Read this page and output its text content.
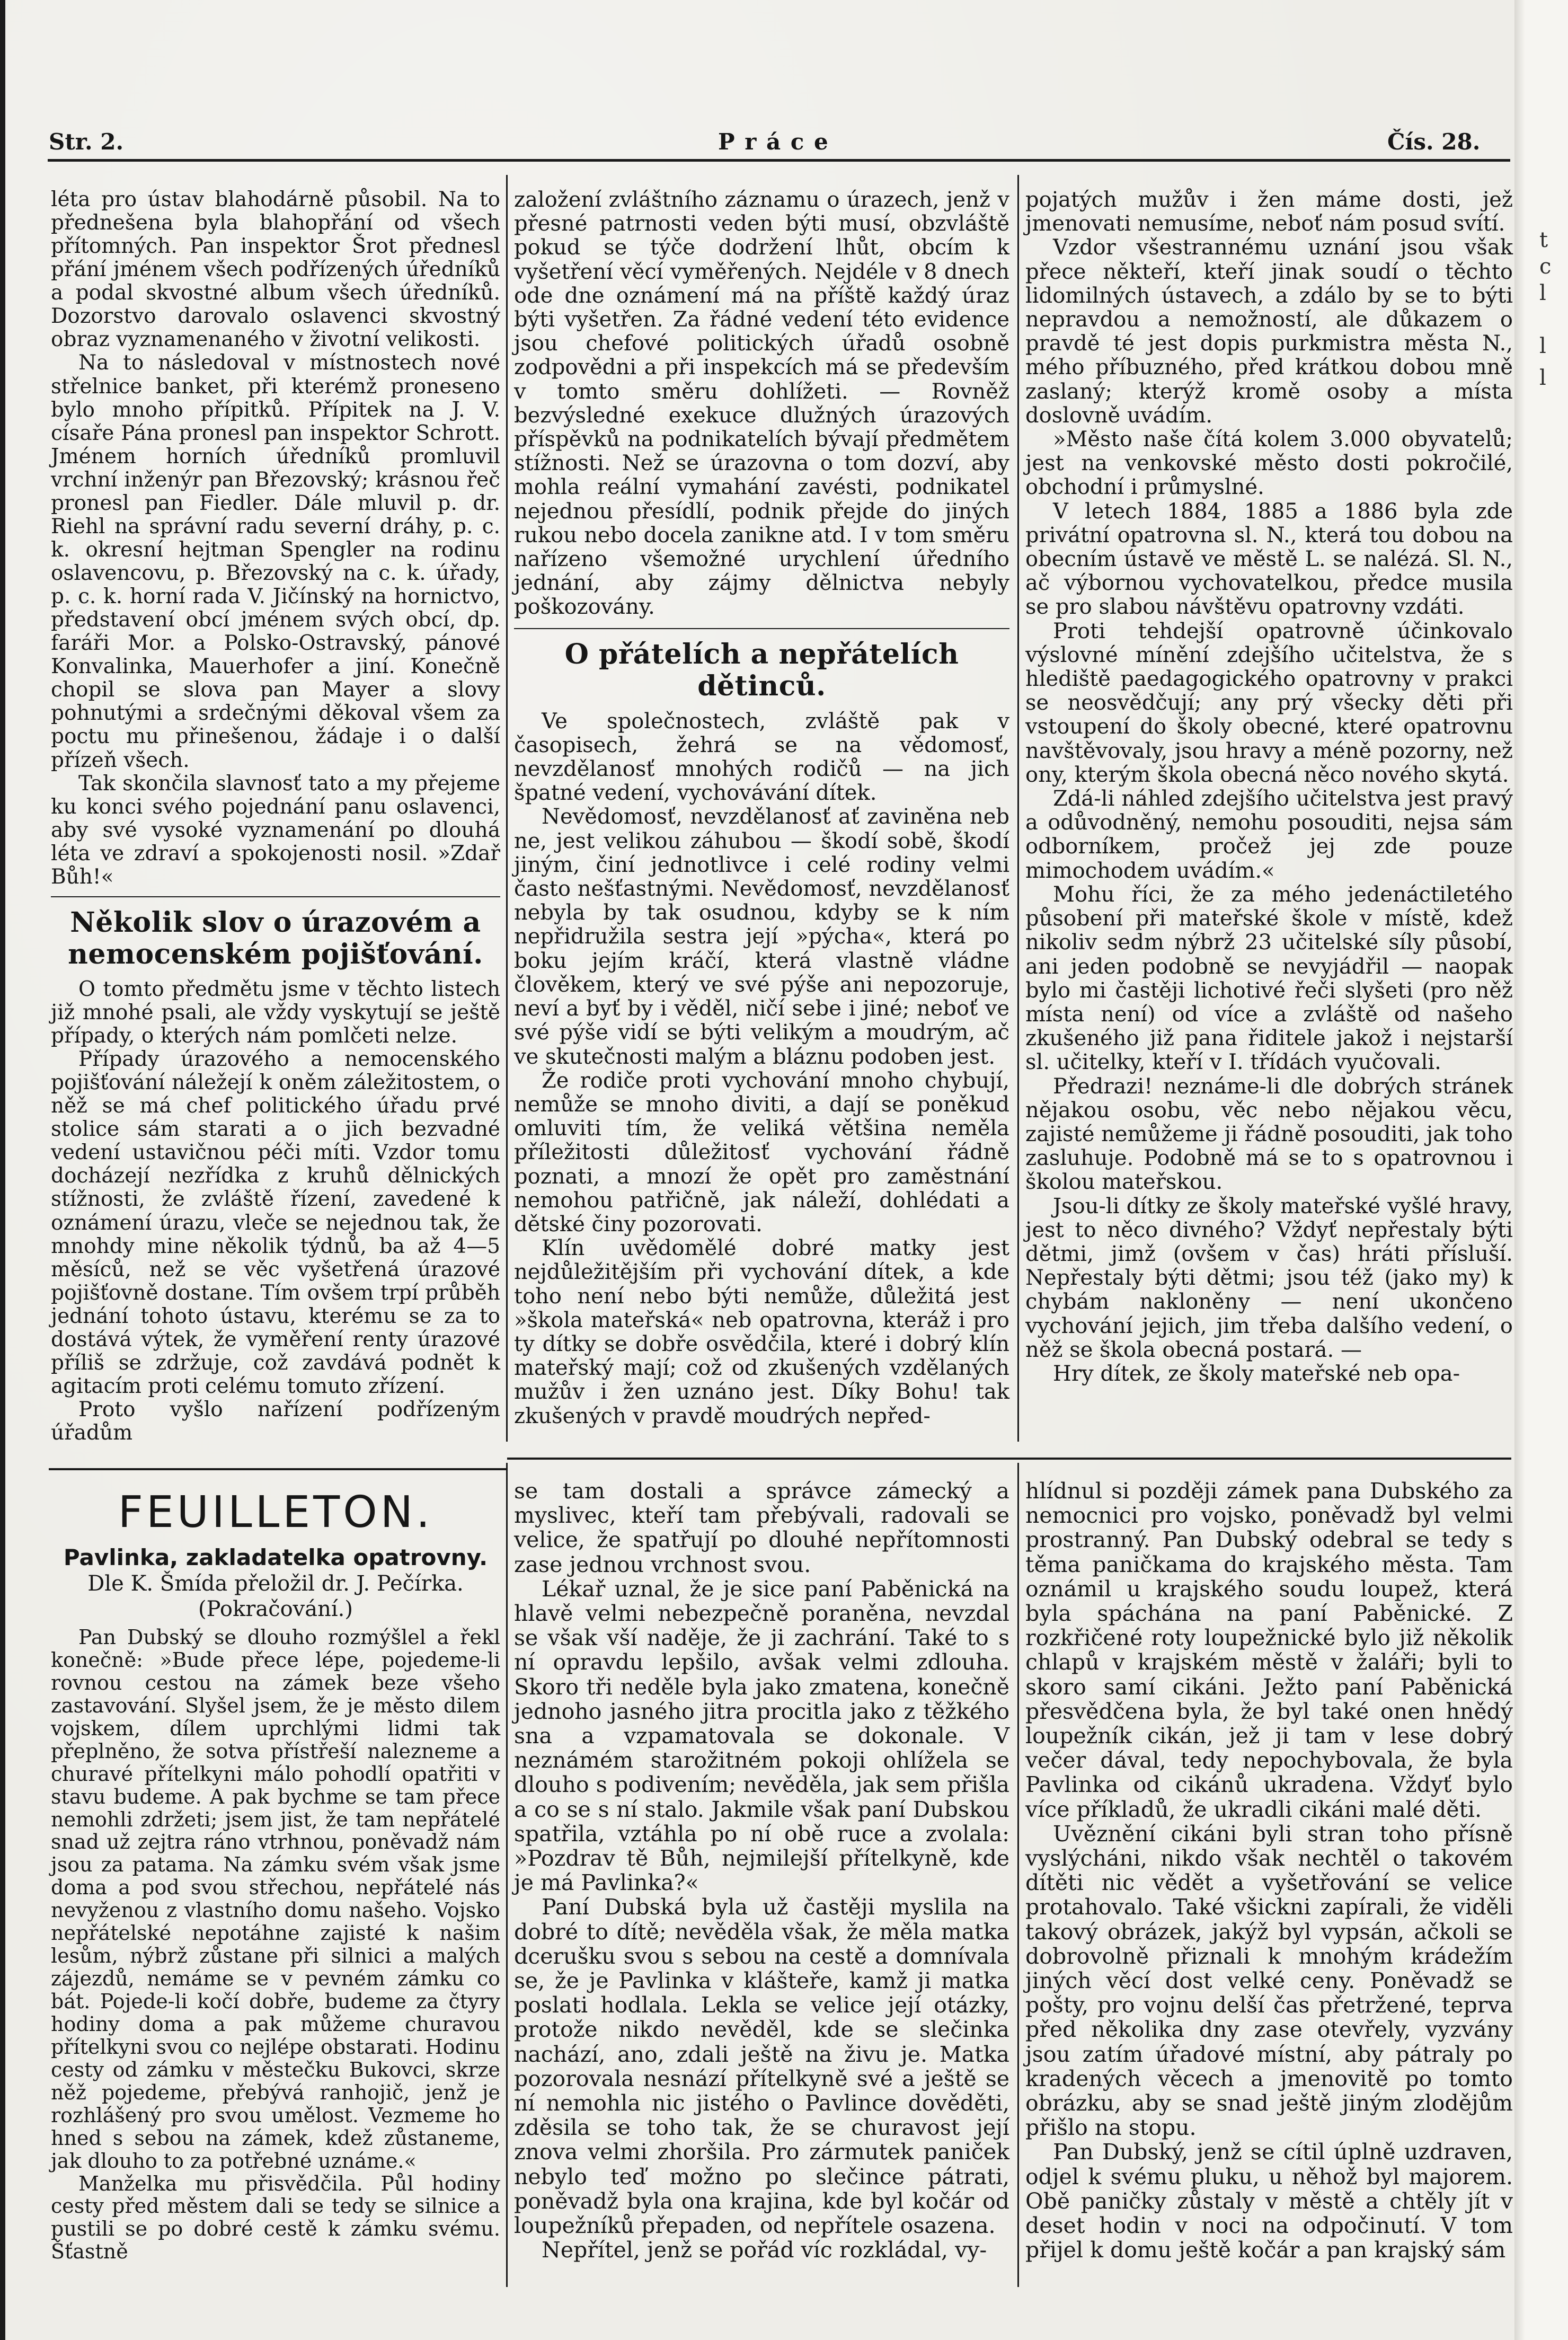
t
c
l
l
l
Str. 2.	P r á c e	Čís. 28.

léta pro ústav blahodárně působil. Na to přednešena byla blahopřání od všech přítomných. Pan inspektor Šrot přednesl přání jménem všech podřízených úředníků a podal skvostné album všech úředníků. Dozorstvo darovalo oslavenci skvostný obraz vyznamenaného v životní velikosti.

Na to následoval v místnostech nové střelnice banket, při kterémž proneseno bylo mnoho přípitků. Přípitek na J. V. císaře Pána pronesl pan inspektor Schrott. Jménem horních úředníků promluvil vrchní inženýr pan Březovský; krásnou řeč pronesl pan Fiedler. Dále mluvil p. dr. Riehl na správní radu severní dráhy, p. c. k. okresní hejtman Spengler na rodinu oslavencovu, p. Březovský na c. k. úřady, p. c. k. horní rada V. Jičínský na hornictvo, představení obcí jménem svých obcí, dp. faráři Mor. a Polsko-Ostravský, pánové Konvalinka, Mauerhofer a jiní. Konečně chopil se slova pan Mayer a slovy pohnutými a srdečnými děkoval všem za poctu mu přinešenou, žádaje i o další přízeň všech.

Tak skončila slavnosť tato a my přejeme ku konci svého pojednání panu oslavenci, aby své vysoké vyznamenání po dlouhá léta ve zdraví a spokojenosti nosil. »Zdař Bůh!«

Několik slov o úrazovém a nemocenském pojišťování.

O tomto předmětu jsme v těchto listech již mnohé psali, ale vždy vyskytují se ještě případy, o kterých nám pomlčeti nelze.

Případy úrazového a nemocenského pojišťování náležejí k oněm záležitostem, o něž se má chef politického úřadu prvé stolice sám starati a o jich bezvadné vedení ustavičnou péči míti. Vzdor tomu docházejí nezřídka z kruhů dělnických stížnosti, že zvláště řízení, zavedené k oznámení úrazu, vleče se nejednou tak, že mnohdy mine několik týdnů, ba až 4—5 měsíců, než se věc vyšetřená úrazové pojišťovně dostane. Tím ovšem trpí průběh jednání tohoto ústavu, kterému se za to dostává výtek, že vyměření renty úrazové příliš se zdržuje, což zavdává podnět k agitacím proti celému tomuto zřízení.

Proto vyšlo nařízení podřízeným úřadům

založení zvláštního záznamu o úrazech, jenž v přesné patrnosti veden býti musí, obzvláště pokud se týče dodržení lhůt, obcím k vyšetření věcí vyměřených. Nejdéle v 8 dnech ode dne oznámení má na příště každý úraz býti vyšetřen. Za řádné vedení této evidence jsou chefové politických úřadů osobně zodpovědni a při inspekcích má se především v tomto směru dohlížeti. — Rovněž bezvýsledné exekuce dlužných úrazových příspěvků na podnikatelích bývají předmětem stížnosti. Než se úrazovna o tom dozví, aby mohla reální vymahání zavésti, podnikatel nejednou přesídlí, podnik přejde do jiných rukou nebo docela zanikne atd. I v tom směru nařízeno všemožné urychlení úředního jednání, aby zájmy dělnictva nebyly poškozovány.

O přátelích a nepřátelích dětinců.

Ve společnostech, zvláště pak v časopisech, žehrá se na vědomosť, nevzdělanosť mnohých rodičů — na jich špatné vedení, vychovávání dítek.

Nevědomosť, nevzdělanosť ať zaviněna neb ne, jest velikou záhubou — škodí sobě, škodí jiným, činí jednotlivce i celé rodiny velmi často nešťastnými. Nevědomosť, nevzdělanosť nebyla by tak osudnou, kdyby se k ním nepřidružila sestra její »pýcha«, která po boku jejím kráčí, která vlastně vládne člověkem, který ve své pýše ani nepozoruje, neví a byť by i věděl, ničí sebe i jiné; neboť ve své pýše vidí se býti velikým a moudrým, ač ve skutečnosti malým a bláznu podoben jest.

Že rodiče proti vychování mnoho chybují, nemůže se mnoho diviti, a dají se poněkud omluviti tím, že veliká většina neměla příležitosti důležitosť vychování řádně poznati, a mnozí že opět pro zaměstnání nemohou patřičně, jak náleží, dohlédati a dětské činy pozorovati.

Klín uvědomělé dobré matky jest nejdůležitějším při vychování dítek, a kde toho není nebo býti nemůže, důležitá jest »škola mateřská« neb opatrovna, kteráž i pro ty dítky se dobře osvědčila, které i dobrý klín mateřský mají; což od zkušených vzdělaných mužův i žen uznáno jest. Díky Bohu! tak zkušených v pravdě moudrých nepřed-

pojatých mužův i žen máme dosti, jež jmenovati nemusíme, neboť nám posud svítí.

Vzdor všestrannému uznání jsou však přece někteří, kteří jinak soudí o těchto lidomilných ústavech, a zdálo by se to býti nepravdou a nemožností, ale důkazem o pravdě té jest dopis purkmistra města N., mého příbuzného, před krátkou dobou mně zaslaný; kterýž kromě osoby a místa doslovně uvádím.

»Město naše čítá kolem 3.000 obyvatelů; jest na venkovské město dosti pokročilé, obchodní i průmyslné.

V letech 1884, 1885 a 1886 byla zde privátní opatrovna sl. N., která tou dobou na obecním ústavě ve městě L. se nalézá. Sl. N., ač výbornou vychovatelkou, předce musila se pro slabou návštěvu opatrovny vzdáti.

Proti tehdejší opatrovně účinkovalo výslovné mínění zdejšího učitelstva, že s hlediště paedagogického opatrovny v prakci se neosvědčují; any prý všecky děti při vstoupení do školy obecné, které opatrovnu navštěvovaly, jsou hravy a méně pozorny, než ony, kterým škola obecná něco nového skytá.

Zdá-li náhled zdejšího učitelstva jest pravý a odůvodněný, nemohu posouditi, nejsa sám odborníkem, pročež jej zde pouze mimochodem uvádím.«

Mohu říci, že za mého jedenáctiletého působení při mateřské škole v místě, kdež nikoliv sedm nýbrž 23 učitelské síly působí, ani jeden podobně se nevyjádřil — naopak bylo mi častěji lichotivé řeči slyšeti (pro něž místa není) od více a zvláště od našeho zkušeného již pana řiditele jakož i nejstarší sl. učitelky, kteří v I. třídách vyučovali.

Předrazi! neznáme-li dle dobrých stránek nějakou osobu, věc nebo nějakou věcu, zajisté nemůžeme ji řádně posouditi, jak toho zasluhuje. Podobně má se to s opatrovnou i školou mateřskou.

Jsou-li dítky ze školy mateřské vyšlé hravy, jest to něco divného? Vždyť nepřestaly býti dětmi, jimž (ovšem v čas) hráti přísluší. Nepřestaly býti dětmi; jsou též (jako my) k chybám nakloněny — není ukončeno vychování jejich, jim třeba dalšího vedení, o něž se škola obecná postará. —

Hry dítek, ze školy mateřské neb opa-

FEUILLETON.
Pavlinka, zakladatelka opatrovny.
Dle K. Šmída přeložil dr. J. Pečírka.
(Pokračování.)

Pan Dubský se dlouho rozmýšlel a řekl konečně: »Bude přece lépe, pojedeme-li rovnou cestou na zámek beze všeho zastavování. Slyšel jsem, že je město dilem vojskem, dílem uprchlými lidmi tak přeplněno, že sotva přístřeší nalezneme a churavé přítelkyni málo pohodlí opatřiti v stavu budeme. A pak bychme se tam přece nemohli zdržeti; jsem jist, že tam nepřátelé snad už zejtra ráno vtrhnou, poněvadž nám jsou za patama. Na zámku svém však jsme doma a pod svou střechou, nepřátelé nás nevyženou z vlastního domu našeho. Vojsko nepřátelské nepotáhne zajisté k našim lesům, nýbrž zůstane při silnici a malých zájezdů, nemáme se v pevném zámku co bát. Pojede-li kočí dobře, budeme za čtyry hodiny doma a pak můžeme churavou přítelkyni svou co nejlépe obstarati. Hodinu cesty od zámku v městečku Bukovci, skrze něž pojedeme, přebývá ranhojič, jenž je rozhlášený pro svou umělost. Vezmeme ho hned s sebou na zámek, kdež zůstaneme, jak dlouho to za potřebné uznáme.«

Manželka mu přisvědčila. Půl hodiny cesty před městem dali se tedy se silnice a pustili se po dobré cestě k zámku svému. Šťastně

se tam dostali a správce zámecký a myslivec, kteří tam přebývali, radovali se velice, že spatřují po dlouhé nepřítomnosti zase jednou vrchnost svou.

Lékař uznal, že je sice paní Paběnická na hlavě velmi nebezpečně poraněna, nevzdal se však vší naděje, že ji zachrání. Také to s ní opravdu lepšilo, avšak velmi zdlouha. Skoro tři neděle byla jako zmatena, konečně jednoho jasného jitra procitla jako z těžkého sna a vzpamatovala se dokonale. V neznámém starožitném pokoji ohlížela se dlouho s podivením; nevěděla, jak sem přišla a co se s ní stalo. Jakmile však paní Dubskou spatřila, vztáhla po ní obě ruce a zvolala: »Pozdrav tě Bůh, nejmilejší přítelkyně, kde je má Pavlinka?«

Paní Dubská byla už častěji myslila na dobré to dítě; nevěděla však, že měla matka dcerušku svou s sebou na cestě a domnívala se, že je Pavlinka v klášteře, kamž ji matka poslati hodlala. Lekla se velice její otázky, protože nikdo nevěděl, kde se slečinka nachází, ano, zdali ještě na živu je. Matka pozorovala nesnází přítelkyně své a ještě se ní nemohla nic jistého o Pavlince dověděti, zděsila se toho tak, že se churavost její znova velmi zhoršila. Pro zármutek paniček nebylo teď možno po slečince pátrati, poněvadž byla ona krajina, kde byl kočár od loupežníků přepaden, od nepřítele osazena.

Nepřítel, jenž se pořád víc rozkládal, vy-

hlídnul si později zámek pana Dubského za nemocnici pro vojsko, poněvadž byl velmi prostranný. Pan Dubský odebral se tedy s těma paničkama do krajského města. Tam oznámil u krajského soudu loupež, která byla spáchána na paní Paběnické. Z rozkřičené roty loupežnické bylo již několik chlapů v krajském městě v žaláři; byli to skoro samí cikáni. Ježto paní Paběnická přesvědčena byla, že byl také onen hnědý loupežník cikán, jež ji tam v lese dobrý večer dával, tedy nepochybovala, že byla Pavlinka od cikánů ukradena. Vždyť bylo více příkladů, že ukradli cikáni malé děti.

Uvěznění cikáni byli stran toho přísně vyslýcháni, nikdo však nechtěl o takovém dítěti nic vědět a vyšetřování se velice protahovalo. Také všickni zapírali, že viděli takový obrázek, jakýž byl vypsán, ačkoli se dobrovolně přiznali k mnohým krádežím jiných věcí dost velké ceny. Poněvadž se pošty, pro vojnu delší čas přetržené, teprva před několika dny zase otevřely, vyzvány jsou zatím úřadové místní, aby pátraly po kradených věcech a jmenovitě po tomto obrázku, aby se snad ještě jiným zlodějům přišlo na stopu.

Pan Dubský, jenž se cítil úplně uzdraven, odjel k svému pluku, u něhož byl majorem. Obě paničky zůstaly v městě a chtěly jít v deset hodin v noci na odpočinutí. V tom přijel k domu ještě kočár a pan krajský sám
